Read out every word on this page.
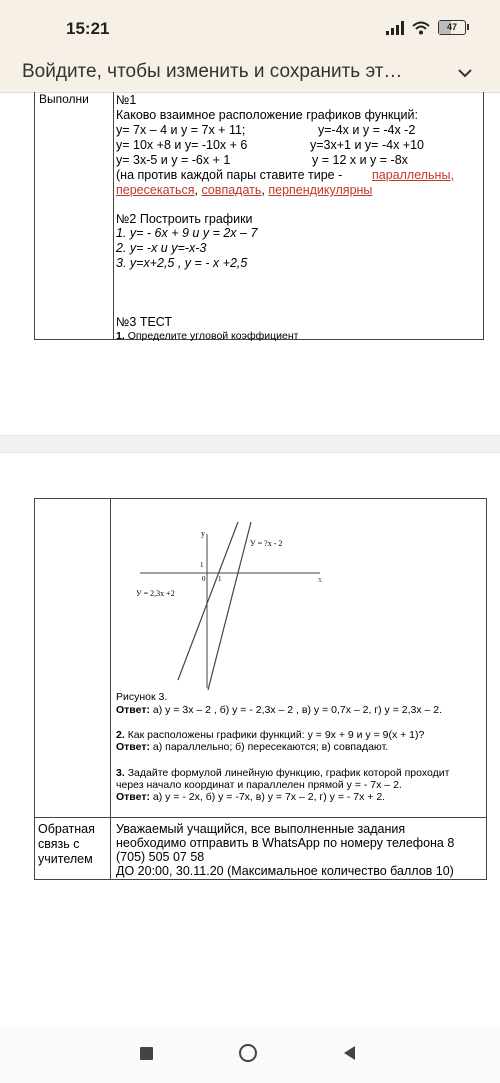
15:21	47
Войдите, чтобы изменить и сохранить эт…
Выполни №1
Каково взаимное расположение графиков функций:
у= 7х – 4 и у = 7х + 11;	у=-4х и у = -4х -2
у= 10х +8 и у= -10х + 6	у=3х+1 и у= -4х +10
у= 3х-5 и у = -6х + 1	у = 12 х и у = -8х
(на против каждой пары ставите тире - параллельны,
пересекаться, совпадать, перпендикулярны
№2 Построить графики
1. у= - 6х + 9 и у = 2х – 7
2. у= -х и у=-х-3
3. у=х+2,5 , у = - х +2,5
№3 ТЕСТ
1. Определите угловой коэффициент
у
х
0 1
1
У = ?х - 2
У = 2,3х +2
Рисунок 3.
Ответ: а) у = 3х – 2 , б) у = - 2,3х – 2 , в) у = 0,7х – 2, г) у = 2,3х – 2.
2. Как расположены графики функций: у = 9х + 9 и у = 9(х + 1)?
Ответ: а) параллельно; б) пересекаются; в) совпадают.
3. Задайте формулой линейную функцию, график которой проходит
через начало координат и параллелен прямой у = - 7х – 2.
Ответ: а) у = - 2х, б) у = -7х, в) у = 7х – 2, г) у = - 7х + 2.
Обратная
связь с
учителем
Уважаемый учащийся, все выполненные задания
необходимо отправить в WhatsApp по номеру телефона 8
(705) 505 07 58
ДО 20:00, 30.11.20 (Максимальное количество баллов 10)
